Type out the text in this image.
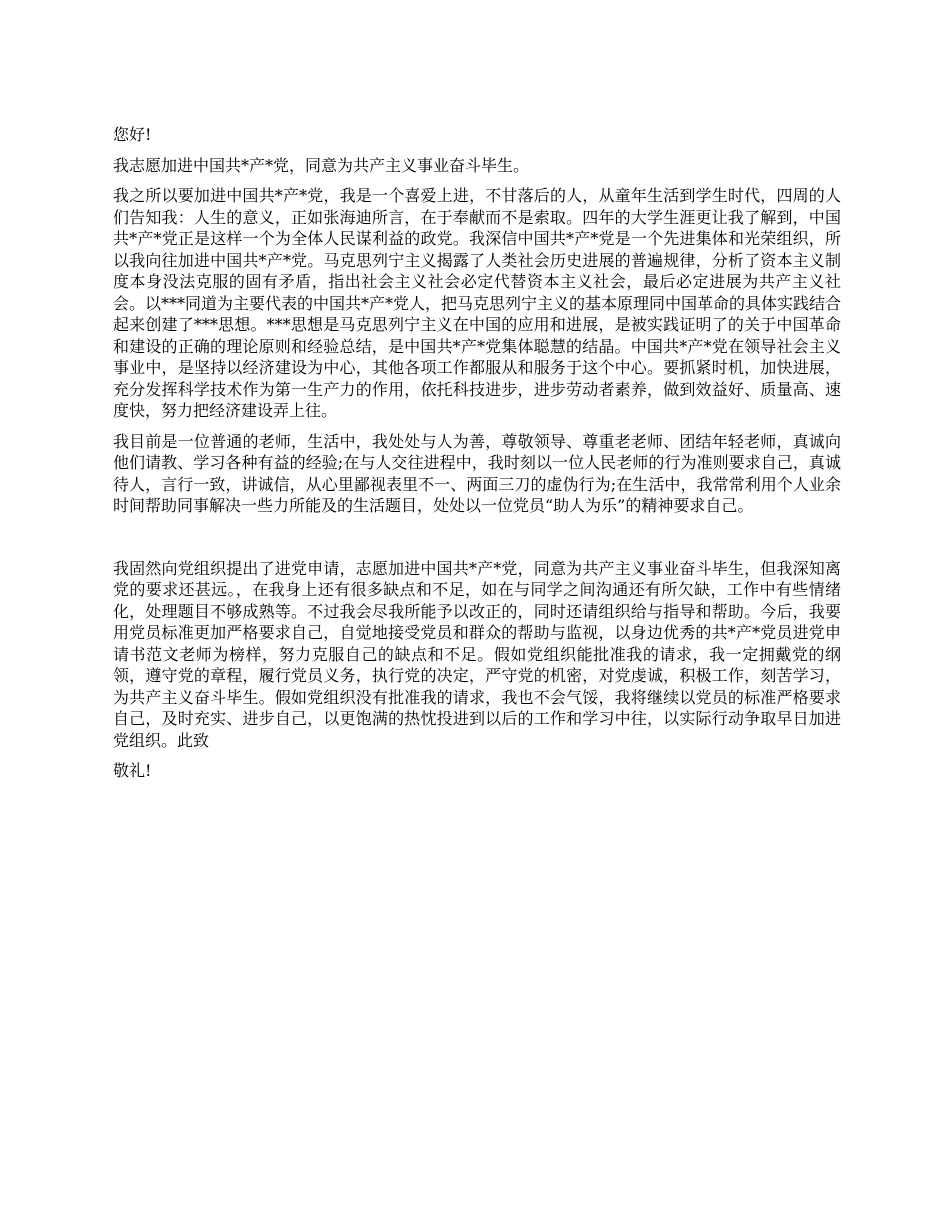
您好!

我志愿加进中国共*产*党，同意为共产主义事业奋斗毕生。

我之所以要加进中国共*产*党，我是一个喜爱上进，不甘落后的人，从童年生活到学生时代，四周的人们告知我：人生的意义，正如张海迪所言，在于奉献而不是索取。四年的大学生涯更让我了解到，中国共*产*党正是这样一个为全体人民谋利益的政党。我深信中国共*产*党是一个先进集体和光荣组织，所以我向往加进中国共*产*党。马克思列宁主义揭露了人类社会历史进展的普遍规律，分析了资本主义制度本身没法克服的固有矛盾，指出社会主义社会必定代替资本主义社会，最后必定进展为共产主义社会。以***同道为主要代表的中国共*产*党人，把马克思列宁主义的基本原理同中国革命的具体实践结合起来创建了***思想。***思想是马克思列宁主义在中国的应用和进展，是被实践证明了的关于中国革命和建设的正确的理论原则和经验总结，是中国共*产*党集体聪慧的结晶。中国共*产*党在领导社会主义事业中，是坚持以经济建设为中心，其他各项工作都服从和服务于这个中心。要抓紧时机，加快进展，充分发挥科学技术作为第一生产力的作用，依托科技进步，进步劳动者素养，做到效益好、质量高、速度快，努力把经济建设弄上往。

我目前是一位普通的老师，生活中，我处处与人为善，尊敬领导、尊重老老师、团结年轻老师，真诚向他们请教、学习各种有益的经验;在与人交往进程中，我时刻以一位人民老师的行为准则要求自己，真诚待人，言行一致，讲诚信，从心里鄙视表里不一、两面三刀的虚伪行为;在生活中，我常常利用个人业余时间帮助同事解决一些力所能及的生活题目，处处以一位党员“助人为乐”的精神要求自己。

我固然向党组织提出了进党申请，志愿加进中国共*产*党，同意为共产主义事业奋斗毕生，但我深知离党的要求还甚远。，在我身上还有很多缺点和不足，如在与同学之间沟通还有所欠缺，工作中有些情绪化，处理题目不够成熟等。不过我会尽我所能予以改正的，同时还请组织给与指导和帮助。今后，我要用党员标准更加严格要求自己，自觉地接受党员和群众的帮助与监视，以身边优秀的共*产*党员进党申请书范文老师为榜样，努力克服自己的缺点和不足。假如党组织能批准我的请求，我一定拥戴党的纲领，遵守党的章程，履行党员义务，执行党的决定，严守党的机密，对党虔诚，积极工作，刻苦学习，为共产主义奋斗毕生。假如党组织没有批准我的请求，我也不会气馁，我将继续以党员的标准严格要求自己，及时充实、进步自己，以更饱满的热忱投进到以后的工作和学习中往，以实际行动争取早日加进党组织。此致

敬礼!
